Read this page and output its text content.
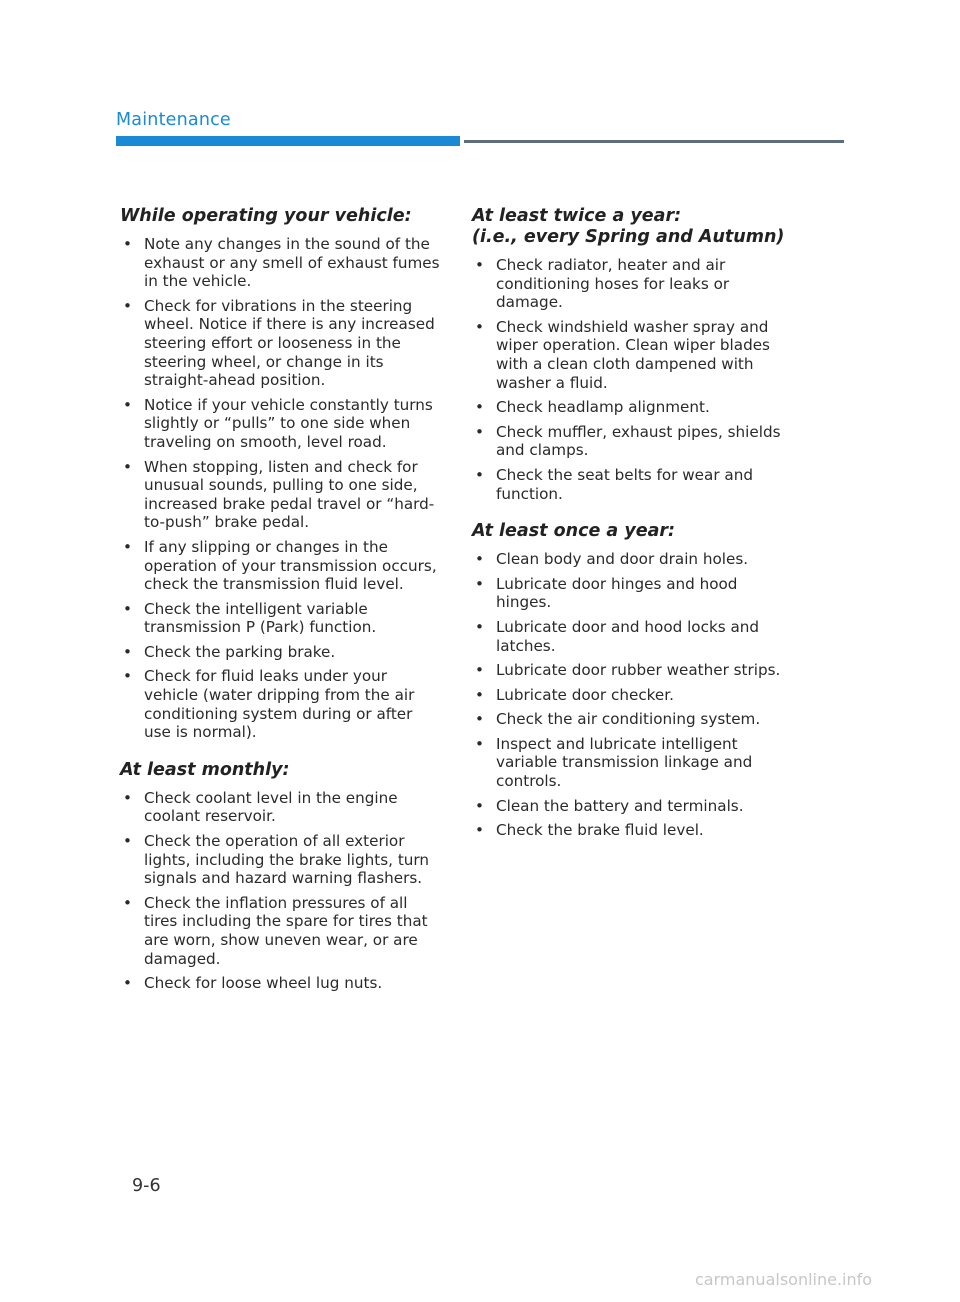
Maintenance
While operating your vehicle:
• Note any changes in the sound of the exhaust or any smell of exhaust fumes in the vehicle.
• Check for vibrations in the steering wheel. Notice if there is any increased steering effort or looseness in the steering wheel, or change in its straight-ahead position.
• Notice if your vehicle constantly turns slightly or “pulls” to one side when traveling on smooth, level road.
• When stopping, listen and check for unusual sounds, pulling to one side, increased brake pedal travel or “hard-to-push” brake pedal.
• If any slipping or changes in the operation of your transmission occurs, check the transmission fluid level.
• Check the intelligent variable transmission P (Park) function.
• Check the parking brake.
• Check for fluid leaks under your vehicle (water dripping from the air conditioning system during or after use is normal).
At least monthly:
• Check coolant level in the engine coolant reservoir.
• Check the operation of all exterior lights, including the brake lights, turn signals and hazard warning flashers.
• Check the inflation pressures of all tires including the spare for tires that are worn, show uneven wear, or are damaged.
• Check for loose wheel lug nuts.
At least twice a year:
(i.e., every Spring and Autumn)
• Check radiator, heater and air conditioning hoses for leaks or damage.
• Check windshield washer spray and wiper operation. Clean wiper blades with a clean cloth dampened with washer a fluid.
• Check headlamp alignment.
• Check muffler, exhaust pipes, shields and clamps.
• Check the seat belts for wear and function.
At least once a year:
• Clean body and door drain holes.
• Lubricate door hinges and hood hinges.
• Lubricate door and hood locks and latches.
• Lubricate door rubber weather strips.
• Lubricate door checker.
• Check the air conditioning system.
• Inspect and lubricate intelligent variable transmission linkage and controls.
• Clean the battery and terminals.
• Check the brake fluid level.
9-6
carmanualsonline.info
